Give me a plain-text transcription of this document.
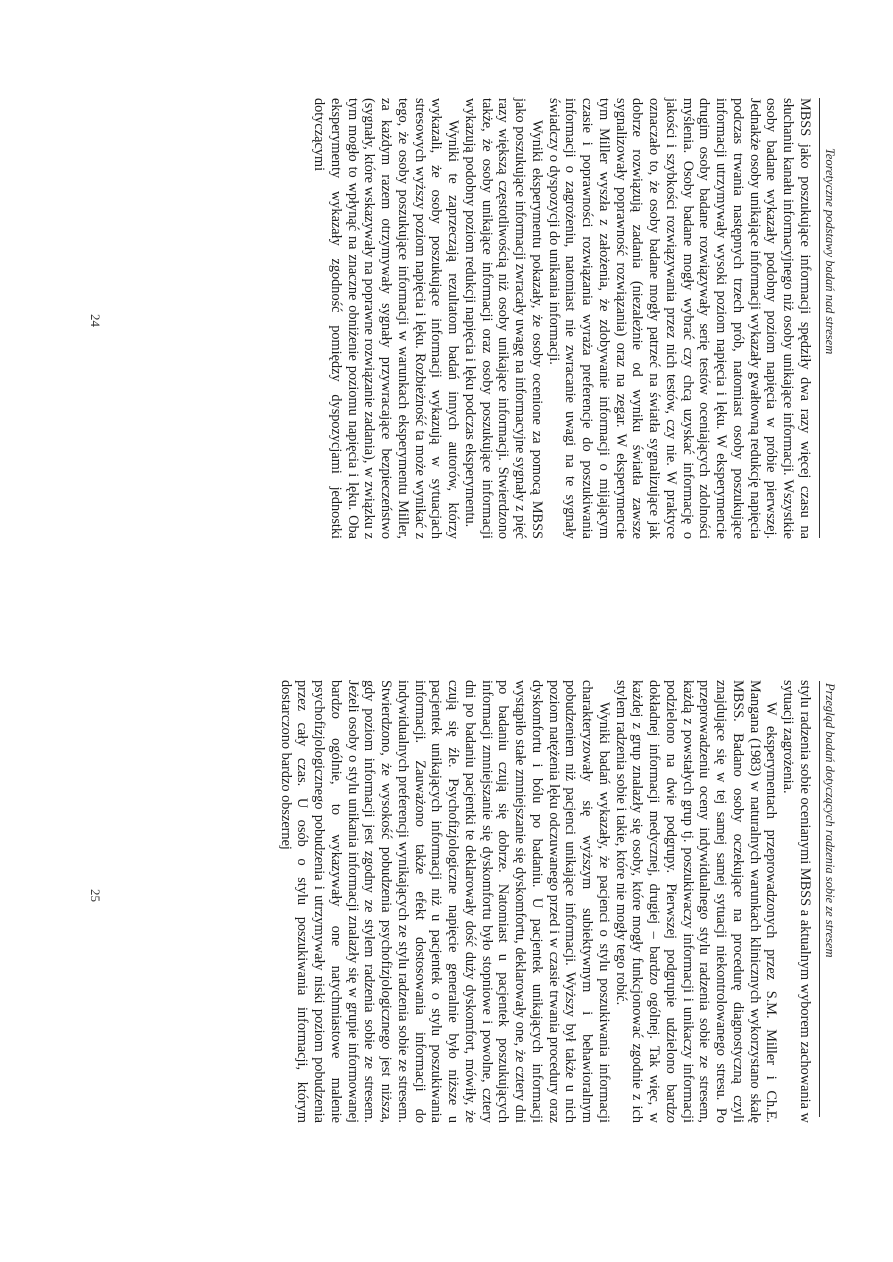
Teoretyczne podstawy badań nad stresem

MBSS jako poszukujące informacji spędziły dwa razy więcej czasu na słuchaniu kanału informacyjnego niż osoby unikające informacji. Wszystkie osoby badane wykazały podobny poziom napięcia w próbie pierwszej. Jednakże osoby unikające informacji wykazały gwałtowną redukcję napięcia podczas trwania następnych trzech prób, natomiast osoby poszukujące informacji utrzymywały wysoki poziom napięcia i lęku. W eksperymencie drugim osoby badane rozwiązywały serię testów oceniających zdolności myślenia. Osoby badane mogły wybrać czy chcą uzyskać informację o jakości i szybkości rozwiązywania przez nich testów, czy nie. W praktyce oznaczało to, że osoby badane mogły patrzeć na światła sygnalizujące jak dobrze rozwiązują zadania (niezależnie od wyniku światła zawsze sygnalizowały poprawność rozwiązania) oraz na zegar. W eksperymencie tym Miller wyszła z założenia, że zdobywanie informacji o mijającym czasie i poprawności rozwiązania wyraża preferencje do poszukiwania informacji o zagrożeniu, natomiast nie zwracanie uwagi na te sygnały świadczy o dyspozycji do unikania informacji.

Wyniki eksperymentu pokazały, że osoby ocenione za pomocą MBSS jako poszukujące informacji zwracały uwagę na informacyjne sygnały z pięć razy większą częstotliwością niż osoby unikające informacji. Stwierdzono także, że osoby unikające informacji oraz osoby poszukujące informacji wykazują podobny poziom redukcji napięcia i lęku podczas eksperymentu.

Wyniki te zaprzeczają rezultatom badań innych autorów, którzy wykazali, że osoby poszukujące informacji wykazują w sytuacjach stresowych wyższy poziom napięcia i lęku. Rozbieżność ta może wynikać z tego, że osoby poszukujące informacji w warunkach eksperymentu Miller, za każdym razem otrzymywały sygnały przywracające bezpieczeństwo (sygnały, które wskazywały na poprawne rozwiązanie zadania), w związku z tym mogło to wpłynąć na znaczne obniżenie poziomu napięcia i lęku. Oba eksperymenty wykazały zgodność pomiędzy dyspozycjami jednostki dotyczącymi

24
Przegląd badań dotyczących radzenia sobie ze stresem

stylu radzenia sobie ocenianymi MBSS a aktualnym wyborem zachowania w sytuacji zagrożenia.

W eksperymentach przeprowadzonych przez S.M. Miller i Ch.E. Mangana (1983) w naturalnych warunkach klinicznych wykorzystano skalę MBSS. Badano osoby oczekujące na procedurę diagnostyczną czyli znajdujące się w tej samej samej sytuacji niekontrolowanego stresu. Po przeprowadzeniu oceny indywidualnego stylu radzenia sobie ze stresem, każdą z powstałych grup tj. poszukiwaczy informacji i unikaczy informacji podzielono na dwie podgrupy. Pierwszej podgrupie udzielono bardzo dokładnej informacji medycznej, drugiej – bardzo ogólnej. Tak więc, w każdej z grup znalazły się osoby, które mogły funkcjonować zgodnie z ich stylem radzenia sobie i takie, które nie mogły tego robić.

Wyniki badań wykazały, że pacjenci o stylu poszukiwania informacji charakteryzowały się wyższym subiektywnym i behawioralnym pobudzeniem niż pacjenci unikające informacji. Wyższy był także u nich poziom natężenia lęku odczuwanego przed i w czasie trwania procedury oraz dyskomfortu i bólu po badaniu. U pacjentek unikających informacji wystąpiło stałe zmniejszanie się dyskomfortu, deklarowały one, że cztery dni po badaniu czują się dobrze. Natomiast u pacjentek poszukujących informacji zmniejszanie się dyskomfortu było stopniowe i powolne, cztery dni po badaniu pacjentki te deklarowały dość duży dyskomfort, mówiły, że czują się źle. Psychofizjologiczne napięcie generalnie było niższe u pacjentek unikających informacji niż u pacjentek o stylu poszukiwania informacji. Zauważono także efekt dostosowania informacji do indywidualnych preferencji wynikających ze stylu radzenia sobie ze stresem. Stwierdzono, że wysokość pobudzenia psychofizjologicznego jest niższa, gdy poziom informacji jest zgodny ze stylem radzenia sobie ze stresem. Jeżeli osoby o stylu unikania informacji znalazły się w grupie informowanej bardzo ogólnie, to wykazywały one natychmiastowe malenie psychofizjologicznego pobudzenia i utrzymywały niski poziom pobudzenia przez cały czas. U osób o stylu poszukiwania informacji, którym dostarczono bardzo obszernej

25
